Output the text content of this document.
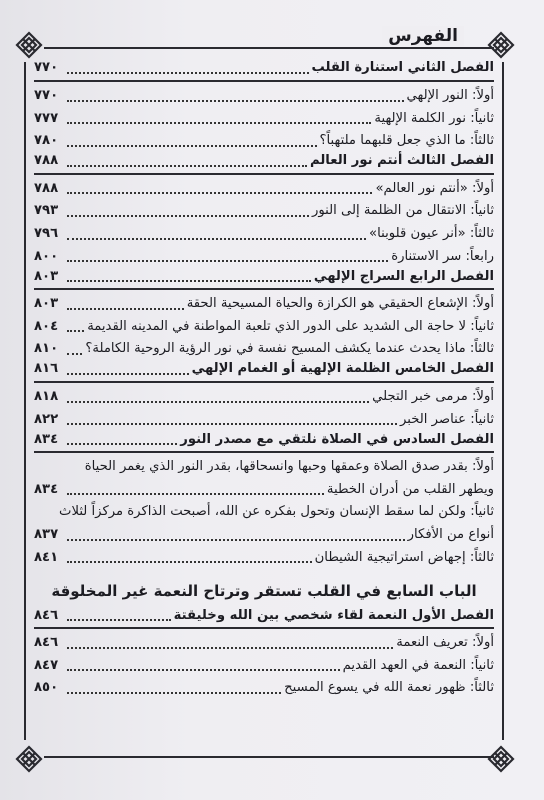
الفهرس
الفصل الثاني استنارة القلب
٧٧٠
أولاً: النور الإلهي
٧٧٠
ثانياً: نور الكلمة الإلهية
٧٧٧
ثالثاً: ما الذي جعل قلبهما ملتهباً؟
٧٨٠
الفصل الثالث أنتم نور العالم
٧٨٨
أولاً: «أنتم نور العالم»
٧٨٨
ثانياً: الانتقال من الظلمة إلى النور
٧٩٣
ثالثاً: «أنر عيون قلوبنا»
٧٩٦
رابعاً: سر الاستنارة
٨٠٠
الفصل الرابع السراج الإلهي
٨٠٣
أولاً: الإشعاع الحقيقي هو الكرازة والحياة المسيحية الحقة
٨٠٣
ثانياً: لا حاجة الى الشديد على الدور الذي تلعبة المواطنة في المدينه القديمة
٨٠٤
ثالثاً: ماذا يحدث عندما يكشف المسيح نفسة في نور الرؤية الروحية الكاملة؟
٨١٠
الفصل الخامس الظلمة الإلهية أو الغمام الإلهي
٨١٦
أولاً: مرمى خبر التجلي
٨١٨
ثانياً: عناصر الخبر
٨٢٢
الفصل السادس في الصلاة نلتقي مع مصدر النور
٨٣٤
أولاً: بقدر صدق الصلاة وعمقها وحبها وانسحاقها، بقدر النور الذي يغمر الحياة
ويطهر القلب من أدران الخطية
٨٣٤
ثانياً: ولكن لما سقط الإنسان وتحول بفكره عن الله، أصبحت الذاكرة مركزاً لثلاث
أنواع من الأفكار
٨٣٧
ثالثاً: إجهاض استراتيجية الشيطان
٨٤١
الباب السابع في القلب تستقر وترتاح النعمة غير المخلوقة
الفصل الأول النعمة لقاء شخصي بين الله وخليقتة
٨٤٦
أولاً: تعريف النعمة
٨٤٦
ثانياً: النعمة في العهد القديم
٨٤٧
ثالثاً: ظهور نعمة الله في يسوع المسيح
٨٥٠
